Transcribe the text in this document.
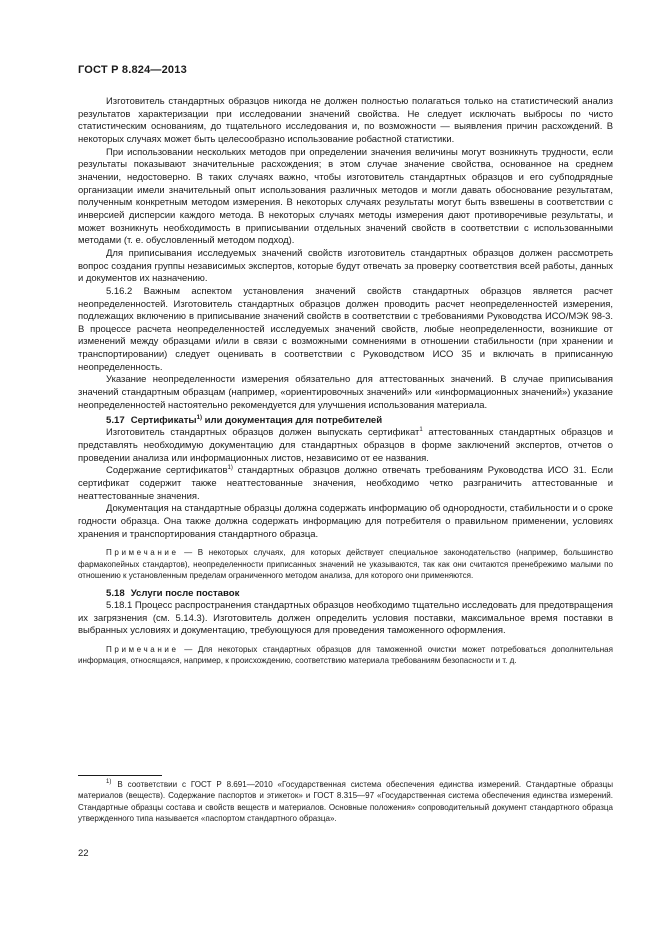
ГОСТ Р 8.824—2013

Изготовитель стандартных образцов никогда не должен полностью полагаться только на статистический анализ результатов характеризации при исследовании значений свойства. Не следует исключать выбросы по чисто статистическим основаниям, до тщательного исследования и, по возможности — выявления причин расхождений. В некоторых случаях может быть целесообразно использование робастной статистики.

При использовании нескольких методов при определении значения величины могут возникнуть трудности, если результаты показывают значительные расхождения; в этом случае значение свойства, основанное на среднем значении, недостоверно. В таких случаях важно, чтобы изготовитель стандартных образцов и его субподрядные организации имели значительный опыт использования различных методов и могли давать обоснование результатам, полученным конкретным методом измерения. В некоторых случаях результаты могут быть взвешены в соответствии с инверсией дисперсии каждого метода. В некоторых случаях методы измерения дают противоречивые результаты, и может возникнуть необходимость в приписывании отдельных значений свойств в соответствии с использованными методами (т. е. обусловленный методом подход).

Для приписывания исследуемых значений свойств изготовитель стандартных образцов должен рассмотреть вопрос создания группы независимых экспертов, которые будут отвечать за проверку соответствия всей работы, данных и документов их назначению.

5.16.2 Важным аспектом установления значений свойств стандартных образцов является расчет неопределенностей. Изготовитель стандартных образцов должен проводить расчет неопределенностей измерения, подлежащих включению в приписывание значений свойств в соответствии с требованиями Руководства ИСО/МЭК 98-3. В процессе расчета неопределенностей исследуемых значений свойств, любые неопределенности, возникшие от изменений между образцами и/или в связи с возможными сомнениями в отношении стабильности (при хранении и транспортировании) следует оценивать в соответствии с Руководством ИСО 35 и включать в приписанную неопределенность.

Указание неопределенности измерения обязательно для аттестованных значений. В случае приписывания значений стандартным образцам (например, «ориентировочных значений» или «информационных значений») указание неопределенностей настоятельно рекомендуется для улучшения использования материала.

5.17 Сертификаты$^{1)}$ или документация для потребителей

Изготовитель стандартных образцов должен выпускать сертификат$^1$ аттестованных стандартных образцов и представлять необходимую документацию для стандартных образцов в форме заключений экспертов, отчетов о проведении анализа или информационных листов, независимо от ее названия.

Содержание сертификатов$^{1)}$ стандартных образцов должно отвечать требованиям Руководства ИСО 31. Если сертификат содержит также неаттестованные значения, необходимо четко разграничить аттестованные и неаттестованные значения.

Документация на стандартные образцы должна содержать информацию об однородности, стабильности и о сроке годности образца. Она также должна содержать информацию для потребителя о правильном применении, условиях хранения и транспортирования стандартного образца.

Примечание — В некоторых случаях, для которых действует специальное законодательство (например, большинство фармакопейных стандартов), неопределенности приписанных значений не указываются, так как они считаются пренебрежимо малыми по отношению к установленным пределам ограниченного методом анализа, для которого они применяются.

5.18 Услуги после поставок

5.18.1 Процесс распространения стандартных образцов необходимо тщательно исследовать для предотвращения их загрязнения (см. 5.14.3). Изготовитель должен определить условия поставки, максимальное время поставки в выбранных условиях и документацию, требующуюся для проведения таможенного оформления.

Примечание — Для некоторых стандартных образцов для таможенной очистки может потребоваться дополнительная информация, относящаяся, например, к происхождению, соответствию материала требованиям безопасности и т. д.

$^{1)}$ В соответствии с ГОСТ Р 8.691—2010 «Государственная система обеспечения единства измерений. Стандартные образцы материалов (веществ). Содержание паспортов и этикеток» и ГОСТ 8.315—97 «Государственная система обеспечения единства измерений. Стандартные образцы состава и свойств веществ и материалов. Основные положения» сопроводительный документ стандартного образца утвержденного типа называется «паспортом стандартного образца».

22
